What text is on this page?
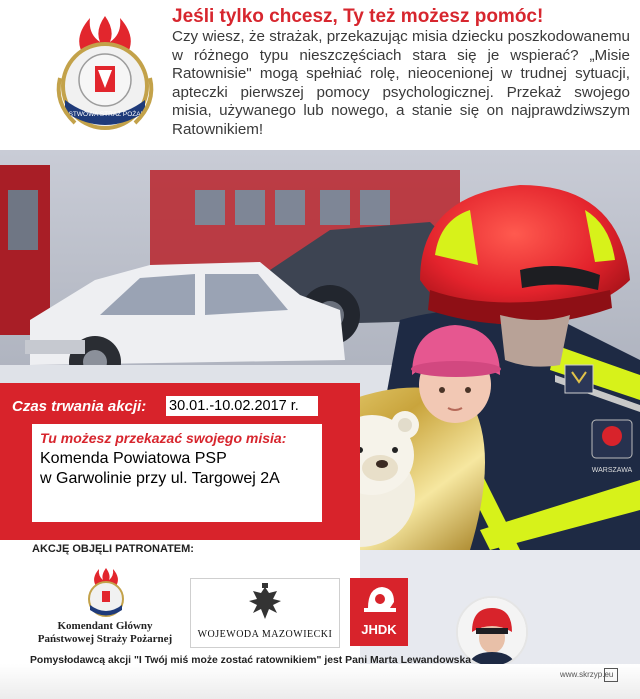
WARSZAWA
PAŃSTWOWA STRAŻ POŻARNA
Jeśli tylko chcesz, Ty też możesz pomóc!
Czy wiesz, że strażak, przekazując misia dziecku poszkodowanemu w różnego typu nieszczęściach stara się je wspierać? „Misie Ratownisie" mogą spełniać rolę, nieocenionej w trudnej sytuacji, apteczki pierwszej pomocy psychologicznej. Przekaż swojego misia, używanego lub nowego, a stanie się on najprawdziwszym Ratownikiem!
Czas trwania akcji: 30.01.-10.02.2017 r.
Tu możesz przekazać swojego misia:
Komenda Powiatowa PSP
w Garwolinie przy ul. Targowej 2A
AKCJĘ OBJĘLI PATRONATEM:
Komendant Główny
Państwowej Straży Pożarnej	WOJEWODA MAZOWIECKI	JHDK
Pomysłodawcą akcji "I Twój miś może zostać ratownikiem" jest Pani Marta Lewandowska
www.skrzyp.eu
